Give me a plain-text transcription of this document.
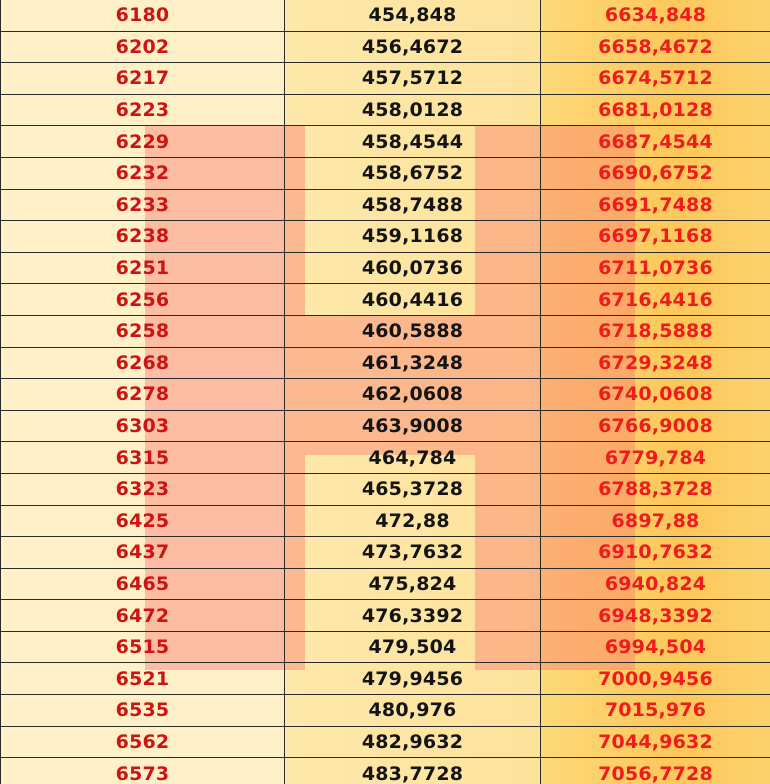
6180	454,848	6634,848
6202	456,4672	6658,4672
6217	457,5712	6674,5712
6223	458,0128	6681,0128
6229	458,4544	6687,4544
6232	458,6752	6690,6752
6233	458,7488	6691,7488
6238	459,1168	6697,1168
6251	460,0736	6711,0736
6256	460,4416	6716,4416
6258	460,5888	6718,5888
6268	461,3248	6729,3248
6278	462,0608	6740,0608
6303	463,9008	6766,9008
6315	464,784	6779,784
6323	465,3728	6788,3728
6425	472,88	6897,88
6437	473,7632	6910,7632
6465	475,824	6940,824
6472	476,3392	6948,3392
6515	479,504	6994,504
6521	479,9456	7000,9456
6535	480,976	7015,976
6562	482,9632	7044,9632
6573	483,7728	7056,7728
